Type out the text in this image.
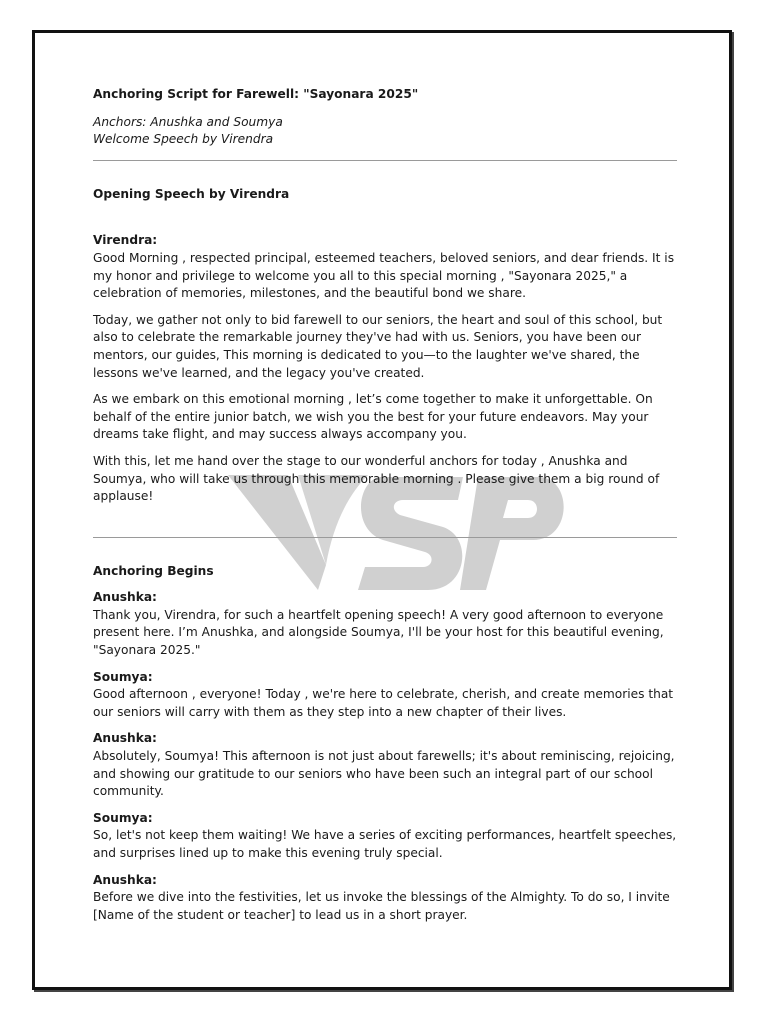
Anchoring Script for Farewell: "Sayonara 2025"

Anchors: Anushka and Soumya

Welcome Speech by Virendra

Opening Speech by Virendra

Virendra:

Good Morning , respected principal, esteemed teachers, beloved seniors, and dear friends. It is my honor and privilege to welcome you all to this special morning , "Sayonara 2025," a celebration of memories, milestones, and the beautiful bond we share.

Today, we gather not only to bid farewell to our seniors, the heart and soul of this school, but also to celebrate the remarkable journey they've had with us. Seniors, you have been our mentors, our guides, This morning is dedicated to you—to the laughter we've shared, the lessons we've learned, and the legacy you've created.

As we embark on this emotional morning , let’s come together to make it unforgettable. On behalf of the entire junior batch, we wish you the best for your future endeavors. May your dreams take flight, and may success always accompany you.

With this, let me hand over the stage to our wonderful anchors for today , Anushka and Soumya, who will take us through this memorable morning . Please give them a big round of applause!

Anchoring Begins

Anushka:

Thank you, Virendra, for such a heartfelt opening speech! A very good afternoon to everyone present here. I’m Anushka, and alongside Soumya, I'll be your host for this beautiful evening, "Sayonara 2025."

Soumya:

Good afternoon , everyone! Today , we're here to celebrate, cherish, and create memories that our seniors will carry with them as they step into a new chapter of their lives.

Anushka:

Absolutely, Soumya! This afternoon is not just about farewells; it's about reminiscing, rejoicing, and showing our gratitude to our seniors who have been such an integral part of our school community.

Soumya:

So, let's not keep them waiting! We have a series of exciting performances, heartfelt speeches, and surprises lined up to make this evening truly special.

Anushka:

Before we dive into the festivities, let us invoke the blessings of the Almighty. To do so, I invite [Name of the student or teacher] to lead us in a short prayer.
